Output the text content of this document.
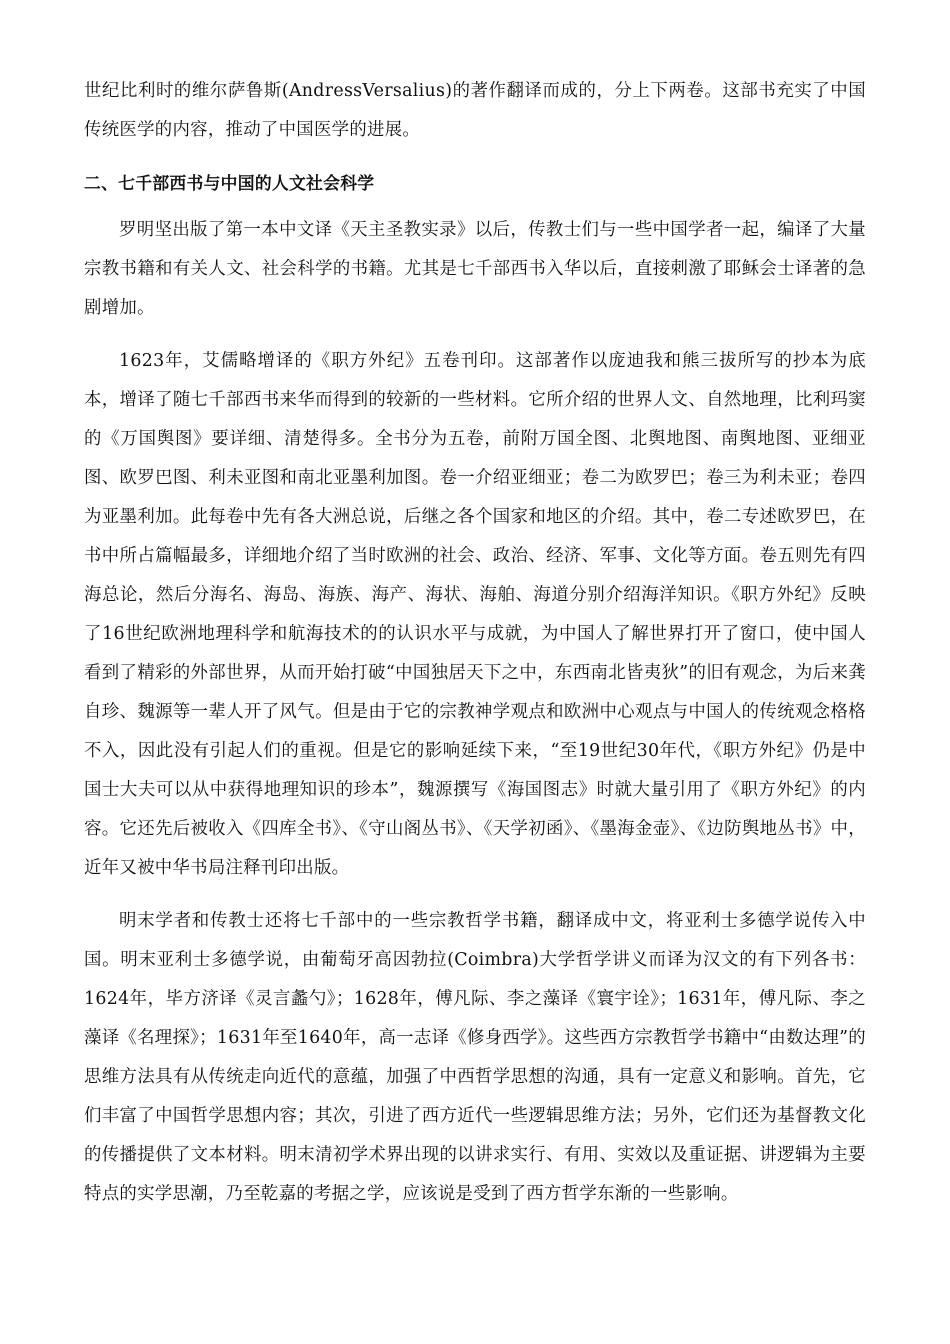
世纪比利时的维尔萨鲁斯(AndressVersalius)的著作翻译而成的，分上下两卷。这部书充实了中国传统医学的内容，推动了中国医学的进展。

二、七千部西书与中国的人文社会科学

罗明坚出版了第一本中文译《天主圣教实录》以后，传教士们与一些中国学者一起，编译了大量宗教书籍和有关人文、社会科学的书籍。尤其是七千部西书入华以后，直接刺激了耶稣会士译著的急剧增加。

1623年，艾儒略增译的《职方外纪》五卷刊印。这部著作以庞迪我和熊三拔所写的抄本为底本，增译了随七千部西书来华而得到的较新的一些材料。它所介绍的世界人文、自然地理，比利玛窦的《万国舆图》要详细、清楚得多。全书分为五卷，前附万国全图、北舆地图、南舆地图、亚细亚图、欧罗巴图、利未亚图和南北亚墨利加图。卷一介绍亚细亚；卷二为欧罗巴；卷三为利未亚；卷四为亚墨利加。此每卷中先有各大洲总说，后继之各个国家和地区的介绍。其中，卷二专述欧罗巴，在书中所占篇幅最多，详细地介绍了当时欧洲的社会、政治、经济、军事、文化等方面。卷五则先有四海总论，然后分海名、海岛、海族、海产、海状、海舶、海道分别介绍海洋知识。《职方外纪》反映了16世纪欧洲地理科学和航海技术的的认识水平与成就，为中国人了解世界打开了窗口，使中国人看到了精彩的外部世界，从而开始打破“中国独居天下之中，东西南北皆夷狄”的旧有观念，为后来龚自珍、魏源等一辈人开了风气。但是由于它的宗教神学观点和欧洲中心观点与中国人的传统观念格格不入，因此没有引起人们的重视。但是它的影响延续下来，“至19世纪30年代，《职方外纪》仍是中国士大夫可以从中获得地理知识的珍本”，魏源撰写《海国图志》时就大量引用了《职方外纪》的内容。它还先后被收入《四库全书》、《守山阁丛书》、《天学初函》、《墨海金壶》、《边防舆地丛书》中，近年又被中华书局注释刊印出版。

明末学者和传教士还将七千部中的一些宗教哲学书籍，翻译成中文，将亚利士多德学说传入中国。明末亚利士多德学说，由葡萄牙高因勃拉(Coimbra)大学哲学讲义而译为汉文的有下列各书：1624年，毕方济译《灵言蠡勺》；1628年，傅凡际、李之藻译《寰宇诠》；1631年，傅凡际、李之藻译《名理探》；1631年至1640年，高一志译《修身西学》。这些西方宗教哲学书籍中“由数达理”的思维方法具有从传统走向近代的意蕴，加强了中西哲学思想的沟通，具有一定意义和影响。首先，它们丰富了中国哲学思想内容；其次，引进了西方近代一些逻辑思维方法；另外，它们还为基督教文化的传播提供了文本材料。明末清初学术界出现的以讲求实行、有用、实效以及重证据、讲逻辑为主要特点的实学思潮，乃至乾嘉的考据之学，应该说是受到了西方哲学东渐的一些影响。
